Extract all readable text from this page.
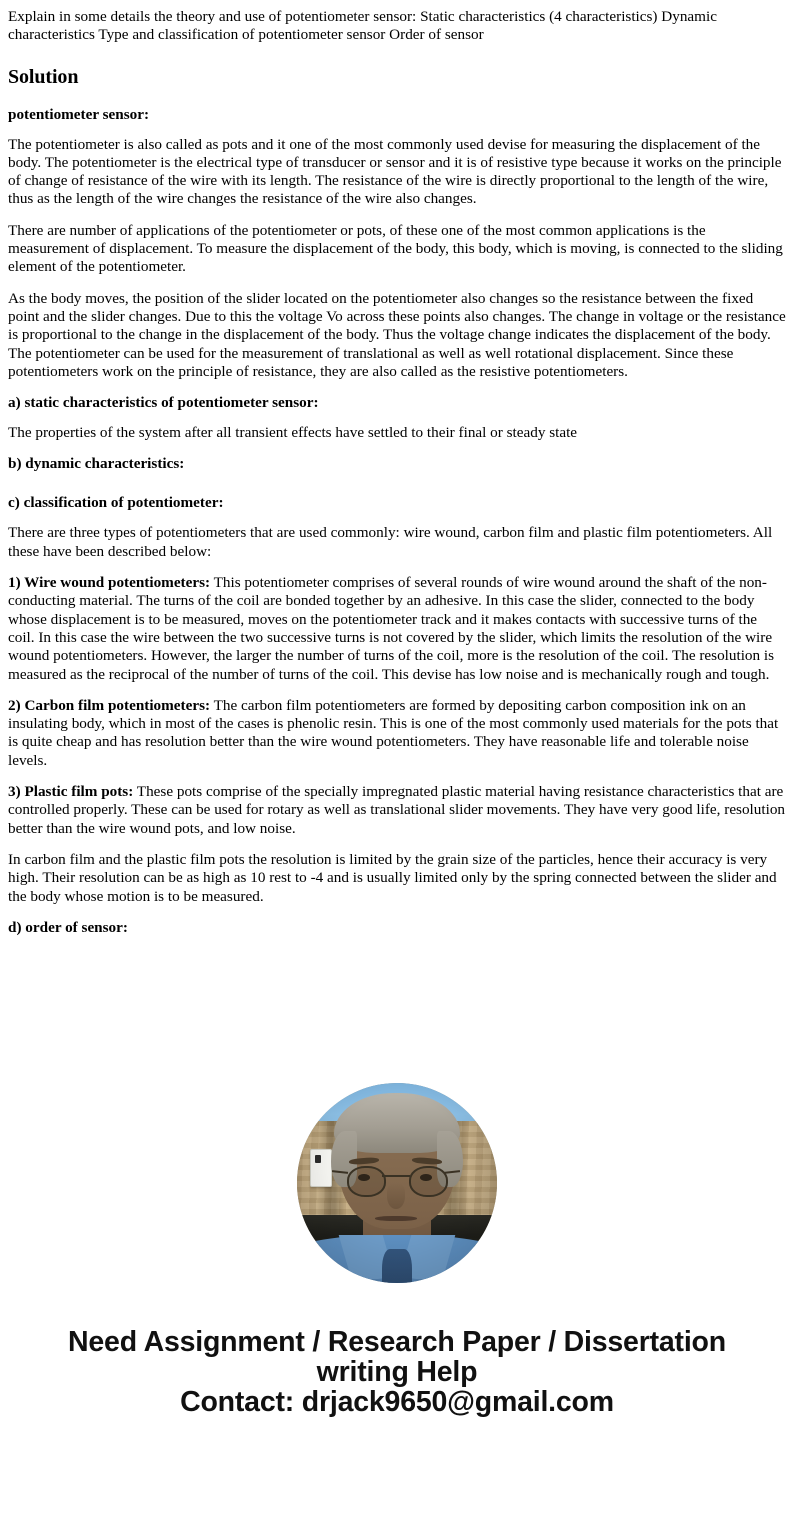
Explain in some details the theory and use of potentiometer sensor: Static characteristics (4 characteristics) Dynamic characteristics Type and classification of potentiometer sensor Order of sensor

Solution

potentiometer sensor:

The potentiometer is also called as pots and it one of the most commonly used devise for measuring the displacement of the body. The potentiometer is the electrical type of transducer or sensor and it is of resistive type because it works on the principle of change of resistance of the wire with its length. The resistance of the wire is directly proportional to the length of the wire, thus as the length of the wire changes the resistance of the wire also changes.

There are number of applications of the potentiometer or pots, of these one of the most common applications is the measurement of displacement. To measure the displacement of the body, this body, which is moving, is connected to the sliding element of the potentiometer.

As the body moves, the position of the slider located on the potentiometer also changes so the resistance between the fixed point and the slider changes. Due to this the voltage Vo across these points also changes. The change in voltage or the resistance is proportional to the change in the displacement of the body. Thus the voltage change indicates the displacement of the body. The potentiometer can be used for the measurement of translational as well as well rotational displacement. Since these potentiometers work on the principle of resistance, they are also called as the resistive potentiometers.

a) static characteristics of potentiometer sensor:

The properties of the system after all transient effects have settled to their final or steady state

b) dynamic characteristics:

c) classification of potentiometer:

There are three types of potentiometers that are used commonly: wire wound, carbon film and plastic film potentiometers. All these have been described below:

1) Wire wound potentiometers: This potentiometer comprises of several rounds of wire wound around the shaft of the non-conducting material. The turns of the coil are bonded together by an adhesive. In this case the slider, connected to the body whose displacement is to be measured, moves on the potentiometer track and it makes contacts with successive turns of the coil. In this case the wire between the two successive turns is not covered by the slider, which limits the resolution of the wire wound potentiometers. However, the larger the number of turns of the coil, more is the resolution of the coil. The resolution is measured as the reciprocal of the number of turns of the coil. This devise has low noise and is mechanically rough and tough.

2) Carbon film potentiometers: The carbon film potentiometers are formed by depositing carbon composition ink on an insulating body, which in most of the cases is phenolic resin. This is one of the most commonly used materials for the pots that is quite cheap and has resolution better than the wire wound potentiometers. They have reasonable life and tolerable noise levels.

3) Plastic film pots: These pots comprise of the specially impregnated plastic material having resistance characteristics that are controlled properly. These can be used for rotary as well as translational slider movements. They have very good life, resolution better than the wire wound pots, and low noise.

In carbon film and the plastic film pots the resolution is limited by the grain size of the particles, hence their accuracy is very high. Their resolution can be as high as 10 rest to -4 and is usually limited only by the spring connected between the slider and the body whose motion is to be measured.

d) order of sensor:

Need Assignment / Research Paper / Dissertation
writing Help
Contact: drjack9650@gmail.com
